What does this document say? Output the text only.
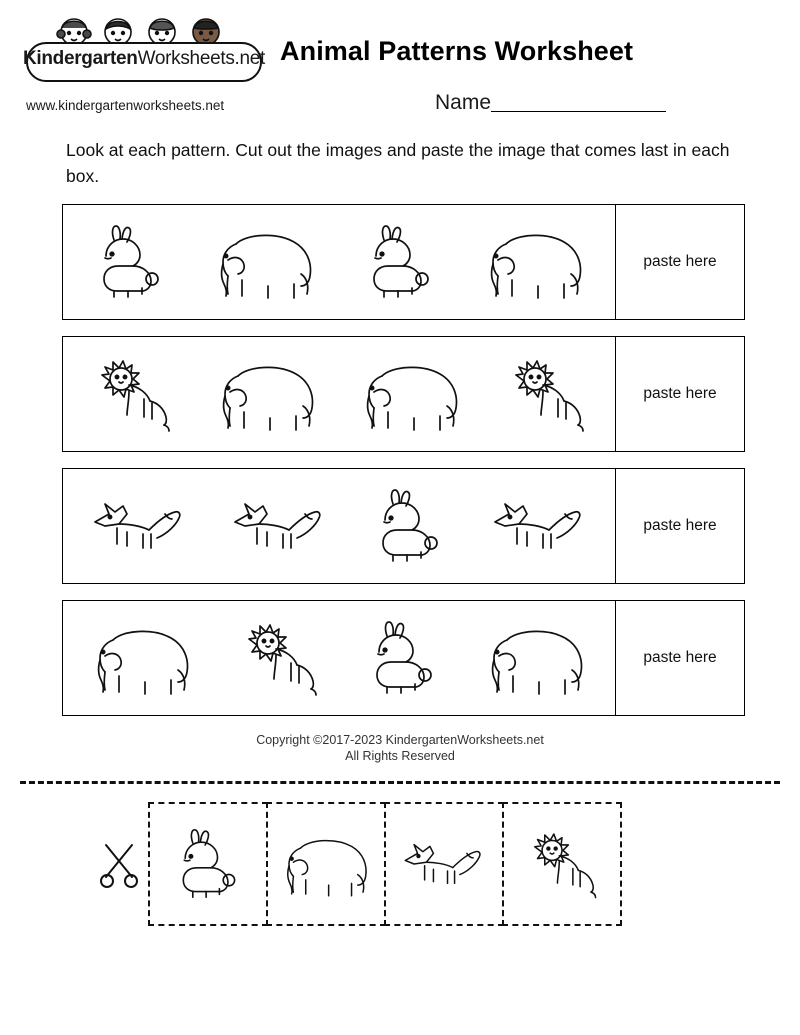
KindergartenWorksheets.net
www.kindergartenworksheets.net
Animal Patterns Worksheet
Name
Look at each pattern. Cut out the images and paste the image that comes last in each box.
paste here
paste here
paste here
paste here
Copyright ©2017-2023 KindergartenWorksheets.net
All Rights Reserved
